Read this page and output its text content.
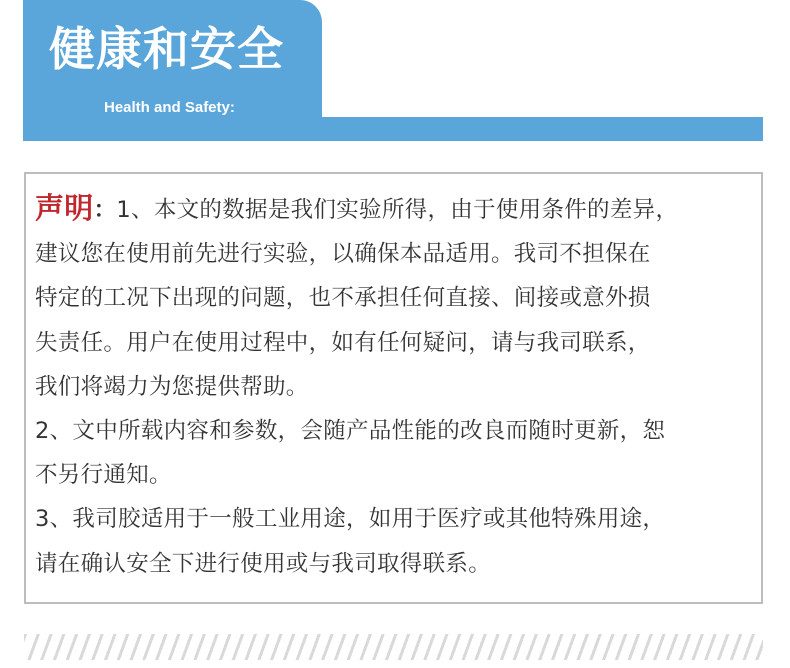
健康和安全
Health and Safety:
声明：1、本文的数据是我们实验所得，由于使用条件的差异，
建议您在使用前先进行实验，以确保本品适用。我司不担保在
特定的工况下出现的问题，也不承担任何直接、间接或意外损
失责任。用户在使用过程中，如有任何疑问，请与我司联系，
我们将竭力为您提供帮助。
2、文中所载内容和参数，会随产品性能的改良而随时更新，恕
不另行通知。
3、我司胶适用于一般工业用途，如用于医疗或其他特殊用途，
请在确认安全下进行使用或与我司取得联系。
